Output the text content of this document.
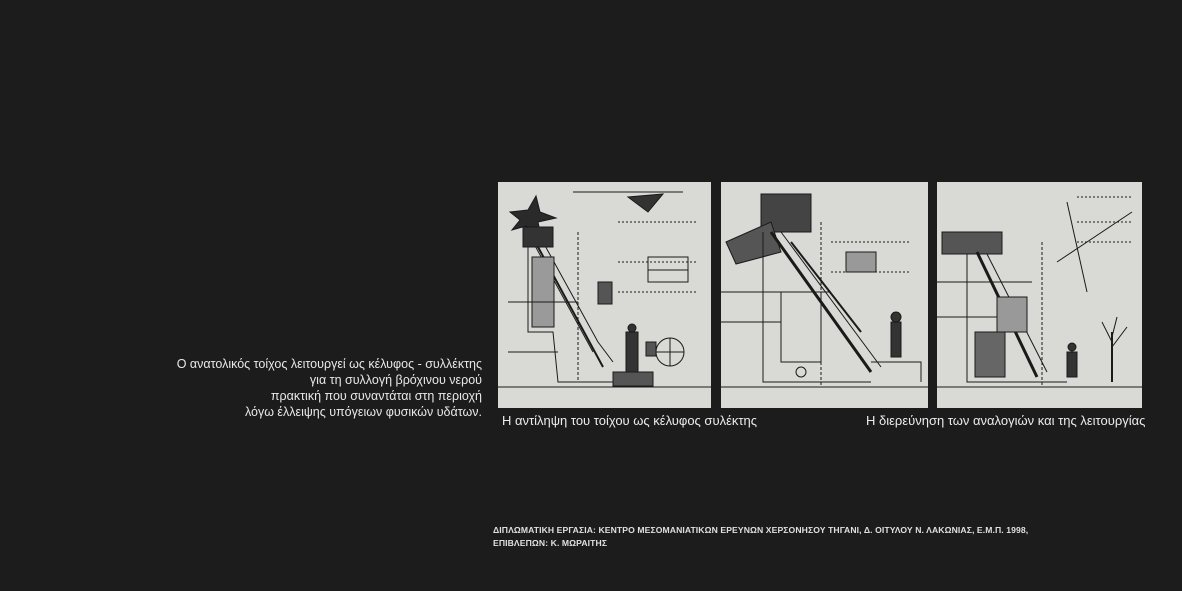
Ο ανατολικός τοίχος λειτουργεί ως κέλυφος - συλλέκτης
για τη συλλογή βρόχινου νερού
πρακτική που συναντάται στη περιοχή
λόγω έλλειψης υπόγειων φυσικών υδάτων.
Η αντίληψη του τοίχου ως κέλυφος συλέκτης	Η διερεύνηση των αναλογιών και της λειτουργίας
ΔΙΠΛΩΜΑΤΙΚΗ ΕΡΓΑΣΙΑ: ΚΕΝΤΡΟ ΜΕΣΟΜΑΝΙΑΤΙΚΩΝ ΕΡΕΥΝΩΝ ΧΕΡΣΟΝΗΣΟΥ ΤΗΓΑΝΙ, Δ. ΟΙΤΥΛΟΥ Ν. ΛΑΚΩΝΙΑΣ, Ε.Μ.Π. 1998,
ΕΠΙΒΛΕΠΩΝ: Κ. ΜΩΡΑΙΤΗΣ
